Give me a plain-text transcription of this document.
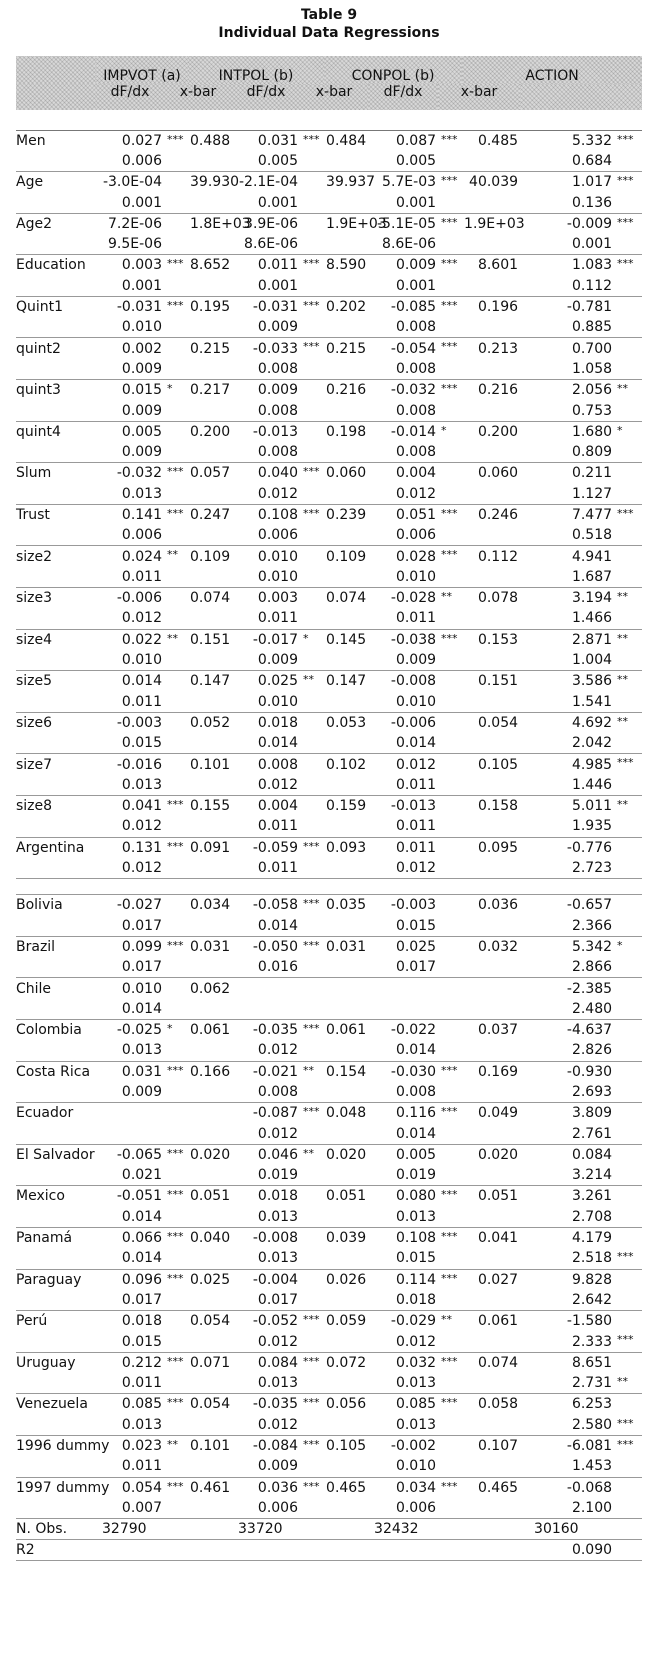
Table 9
Individual Data Regressions
	IMPVOT (a)		INTPOL (b)			CONPOL (b)			ACTION		
	dF/dx	x-bar		dF/dx	x-bar		dF/dx	x-bar			

Men	0.027	***	0.488	0.031	***	0.484	0.087	***	0.485	5.332	***
	0.006			0.005			0.005			0.684	
Age	-3.0E-04		39.930	-2.1E-04		39.937	5.7E-03	***	40.039	1.017	***
	0.001			0.001			0.001			0.136	
Age2	7.2E-06		1.8E+03	3.9E-06		1.9E+03	-5.1E-05	***	1.9E+03	-0.009	***
	9.5E-06			8.6E-06			8.6E-06			0.001	
Education	0.003	***	8.652	0.011	***	8.590	0.009	***	8.601	1.083	***
	0.001			0.001			0.001			0.112	
Quint1	-0.031	***	0.195	-0.031	***	0.202	-0.085	***	0.196	-0.781	
	0.010			0.009			0.008			0.885	
quint2	0.002		0.215	-0.033	***	0.215	-0.054	***	0.213	0.700	
	0.009			0.008			0.008			1.058	
quint3	0.015	*	0.217	0.009		0.216	-0.032	***	0.216	2.056	**
	0.009			0.008			0.008			0.753	
quint4	0.005		0.200	-0.013		0.198	-0.014	*	0.200	1.680	*
	0.009			0.008			0.008			0.809	
Slum	-0.032	***	0.057	0.040	***	0.060	0.004		0.060	0.211	
	0.013			0.012			0.012			1.127	
Trust	0.141	***	0.247	0.108	***	0.239	0.051	***	0.246	7.477	***
	0.006			0.006			0.006			0.518	
size2	0.024	**	0.109	0.010		0.109	0.028	***	0.112	4.941	
	0.011			0.010			0.010			1.687	
size3	-0.006		0.074	0.003		0.074	-0.028	**	0.078	3.194	**
	0.012			0.011			0.011			1.466	
size4	0.022	**	0.151	-0.017	*	0.145	-0.038	***	0.153	2.871	**
	0.010			0.009			0.009			1.004	
size5	0.014		0.147	0.025	**	0.147	-0.008		0.151	3.586	**
	0.011			0.010			0.010			1.541	
size6	-0.003		0.052	0.018		0.053	-0.006		0.054	4.692	**
	0.015			0.014			0.014			2.042	
size7	-0.016		0.101	0.008		0.102	0.012		0.105	4.985	***
	0.013			0.012			0.011			1.446	
size8	0.041	***	0.155	0.004		0.159	-0.013		0.158	5.011	**
	0.012			0.011			0.011			1.935	
Argentina	0.131	***	0.091	-0.059	***	0.093	0.011		0.095	-0.776	
	0.012			0.011			0.012			2.723	

Bolivia	-0.027		0.034	-0.058	***	0.035	-0.003		0.036	-0.657	
	0.017			0.014			0.015			2.366	
Brazil	0.099	***	0.031	-0.050	***	0.031	0.025		0.032	5.342	*
	0.017			0.016			0.017			2.866	
Chile	0.010		0.062							-2.385	
	0.014									2.480	
Colombia	-0.025	*	0.061	-0.035	***	0.061	-0.022		0.037	-4.637	
	0.013			0.012			0.014			2.826	
Costa Rica	0.031	***	0.166	-0.021	**	0.154	-0.030	***	0.169	-0.930	
	0.009			0.008			0.008			2.693	
Ecuador				-0.087	***	0.048	0.116	***	0.049	3.809	
				0.012			0.014			2.761	
El Salvador	-0.065	***	0.020	0.046	**	0.020	0.005		0.020	0.084	
	0.021			0.019			0.019			3.214	
Mexico	-0.051	***	0.051	0.018		0.051	0.080	***	0.051	3.261	
	0.014			0.013			0.013			2.708	
Panamá	0.066	***	0.040	-0.008		0.039	0.108	***	0.041	4.179	
	0.014			0.013			0.015			2.518	***
Paraguay	0.096	***	0.025	-0.004		0.026	0.114	***	0.027	9.828	
	0.017			0.017			0.018			2.642	
Perú	0.018		0.054	-0.052	***	0.059	-0.029	**	0.061	-1.580	
	0.015			0.012			0.012			2.333	***
Uruguay	0.212	***	0.071	0.084	***	0.072	0.032	***	0.074	8.651	
	0.011			0.013			0.013			2.731	**
Venezuela	0.085	***	0.054	-0.035	***	0.056	0.085	***	0.058	6.253	
	0.013			0.012			0.013			2.580	***
1996 dummy	0.023	**	0.101	-0.084	***	0.105	-0.002		0.107	-6.081	***
	0.011			0.009			0.010			1.453	
1997 dummy	0.054	***	0.461	0.036	***	0.465	0.034	***	0.465	-0.068	
	0.007			0.006			0.006			2.100	
N. Obs.	32790			33720			32432			30160	
R2										0.090	
